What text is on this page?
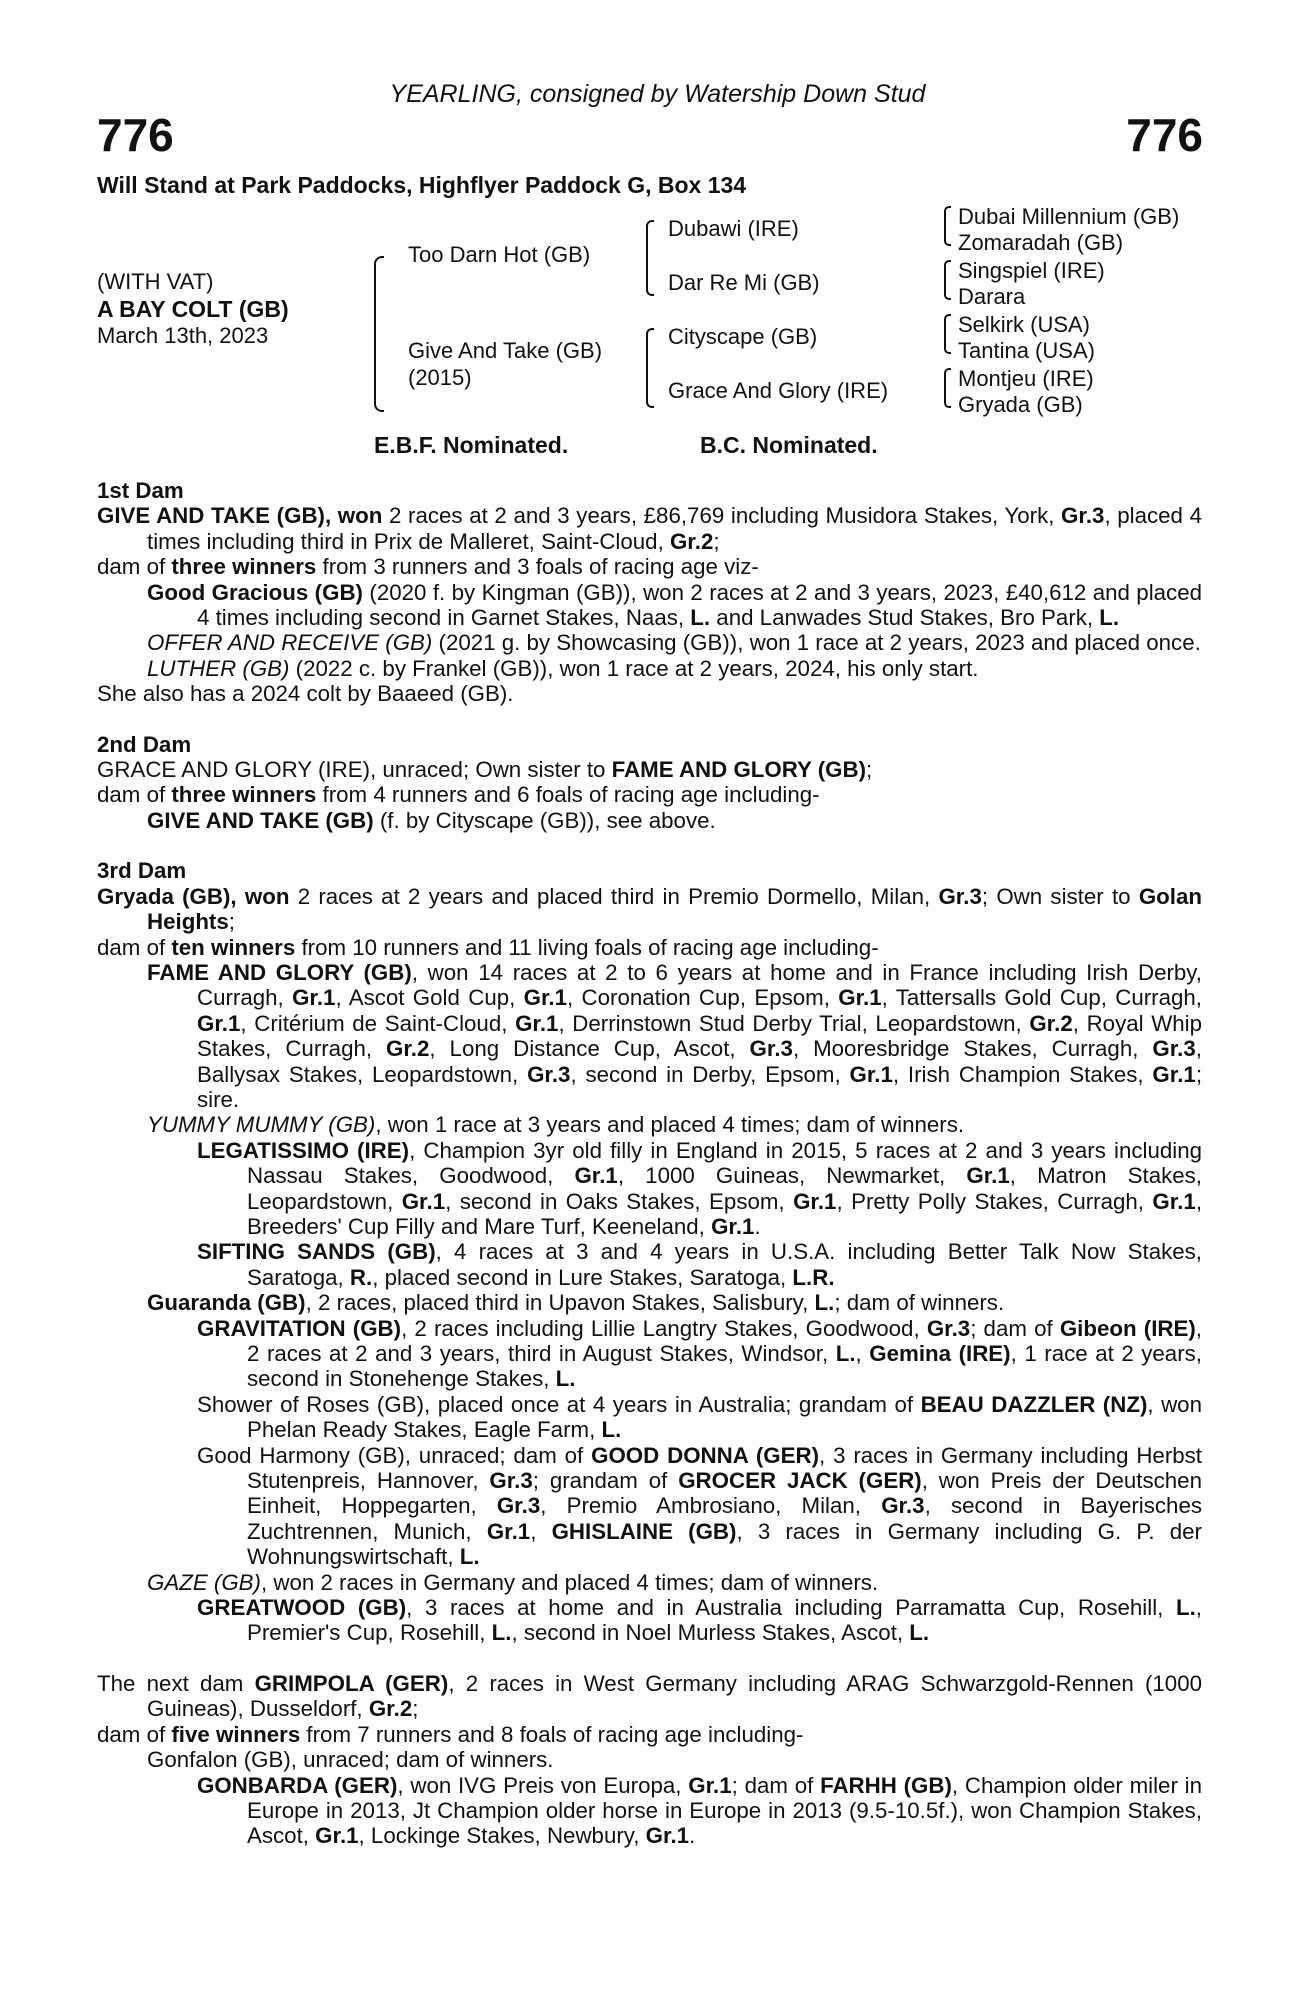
YEARLING, consigned by Watership Down Stud
776	776
Will Stand at Park Paddocks, Highflyer Paddock G, Box 134
(WITH VAT)
A BAY COLT (GB)
March 13th, 2023
Too Darn Hot (GB)
Give And Take (GB)
(2015)
Dubawi (IRE)
Dar Re Mi (GB)
Cityscape (GB)
Grace And Glory (IRE)
Dubai Millennium (GB)
Zomaradah (GB)
Singspiel (IRE)
Darara
Selkirk (USA)
Tantina (USA)
Montjeu (IRE)
Gryada (GB)
E.B.F. Nominated.	B.C. Nominated.
1st Dam
GIVE AND TAKE (GB), won 2 races at 2 and 3 years, £86,769 including Musidora Stakes, York, Gr.3, placed 4 times including third in Prix de Malleret, Saint-Cloud, Gr.2;
dam of three winners from 3 runners and 3 foals of racing age viz-
Good Gracious (GB) (2020 f. by Kingman (GB)), won 2 races at 2 and 3 years, 2023, £40,612 and placed 4 times including second in Garnet Stakes, Naas, L. and Lanwades Stud Stakes, Bro Park, L.
OFFER AND RECEIVE (GB) (2021 g. by Showcasing (GB)), won 1 race at 2 years, 2023 and placed once.
LUTHER (GB) (2022 c. by Frankel (GB)), won 1 race at 2 years, 2024, his only start.
She also has a 2024 colt by Baaeed (GB).
2nd Dam
GRACE AND GLORY (IRE), unraced; Own sister to FAME AND GLORY (GB);
dam of three winners from 4 runners and 6 foals of racing age including-
GIVE AND TAKE (GB) (f. by Cityscape (GB)), see above.
3rd Dam
Gryada (GB), won 2 races at 2 years and placed third in Premio Dormello, Milan, Gr.3; Own sister to Golan Heights;
dam of ten winners from 10 runners and 11 living foals of racing age including-
FAME AND GLORY (GB), won 14 races at 2 to 6 years at home and in France including Irish Derby, Curragh, Gr.1, Ascot Gold Cup, Gr.1, Coronation Cup, Epsom, Gr.1, Tattersalls Gold Cup, Curragh, Gr.1, Critérium de Saint-Cloud, Gr.1, Derrinstown Stud Derby Trial, Leopardstown, Gr.2, Royal Whip Stakes, Curragh, Gr.2, Long Distance Cup, Ascot, Gr.3, Mooresbridge Stakes, Curragh, Gr.3, Ballysax Stakes, Leopardstown, Gr.3, second in Derby, Epsom, Gr.1, Irish Champion Stakes, Gr.1; sire.
YUMMY MUMMY (GB), won 1 race at 3 years and placed 4 times; dam of winners.
LEGATISSIMO (IRE), Champion 3yr old filly in England in 2015, 5 races at 2 and 3 years including Nassau Stakes, Goodwood, Gr.1, 1000 Guineas, Newmarket, Gr.1, Matron Stakes, Leopardstown, Gr.1, second in Oaks Stakes, Epsom, Gr.1, Pretty Polly Stakes, Curragh, Gr.1, Breeders' Cup Filly and Mare Turf, Keeneland, Gr.1.
SIFTING SANDS (GB), 4 races at 3 and 4 years in U.S.A. including Better Talk Now Stakes, Saratoga, R., placed second in Lure Stakes, Saratoga, L.R.
Guaranda (GB), 2 races, placed third in Upavon Stakes, Salisbury, L.; dam of winners.
GRAVITATION (GB), 2 races including Lillie Langtry Stakes, Goodwood, Gr.3; dam of Gibeon (IRE), 2 races at 2 and 3 years, third in August Stakes, Windsor, L., Gemina (IRE), 1 race at 2 years, second in Stonehenge Stakes, L.
Shower of Roses (GB), placed once at 4 years in Australia; grandam of BEAU DAZZLER (NZ), won Phelan Ready Stakes, Eagle Farm, L.
Good Harmony (GB), unraced; dam of GOOD DONNA (GER), 3 races in Germany including Herbst Stutenpreis, Hannover, Gr.3; grandam of GROCER JACK (GER), won Preis der Deutschen Einheit, Hoppegarten, Gr.3, Premio Ambrosiano, Milan, Gr.3, second in Bayerisches Zuchtrennen, Munich, Gr.1, GHISLAINE (GB), 3 races in Germany including G. P. der Wohnungswirtschaft, L.
GAZE (GB), won 2 races in Germany and placed 4 times; dam of winners.
GREATWOOD (GB), 3 races at home and in Australia including Parramatta Cup, Rosehill, L., Premier's Cup, Rosehill, L., second in Noel Murless Stakes, Ascot, L.
The next dam GRIMPOLA (GER), 2 races in West Germany including ARAG Schwarzgold-Rennen (1000 Guineas), Dusseldorf, Gr.2;
dam of five winners from 7 runners and 8 foals of racing age including-
Gonfalon (GB), unraced; dam of winners.
GONBARDA (GER), won IVG Preis von Europa, Gr.1; dam of FARHH (GB), Champion older miler in Europe in 2013, Jt Champion older horse in Europe in 2013 (9.5-10.5f.), won Champion Stakes, Ascot, Gr.1, Lockinge Stakes, Newbury, Gr.1.
